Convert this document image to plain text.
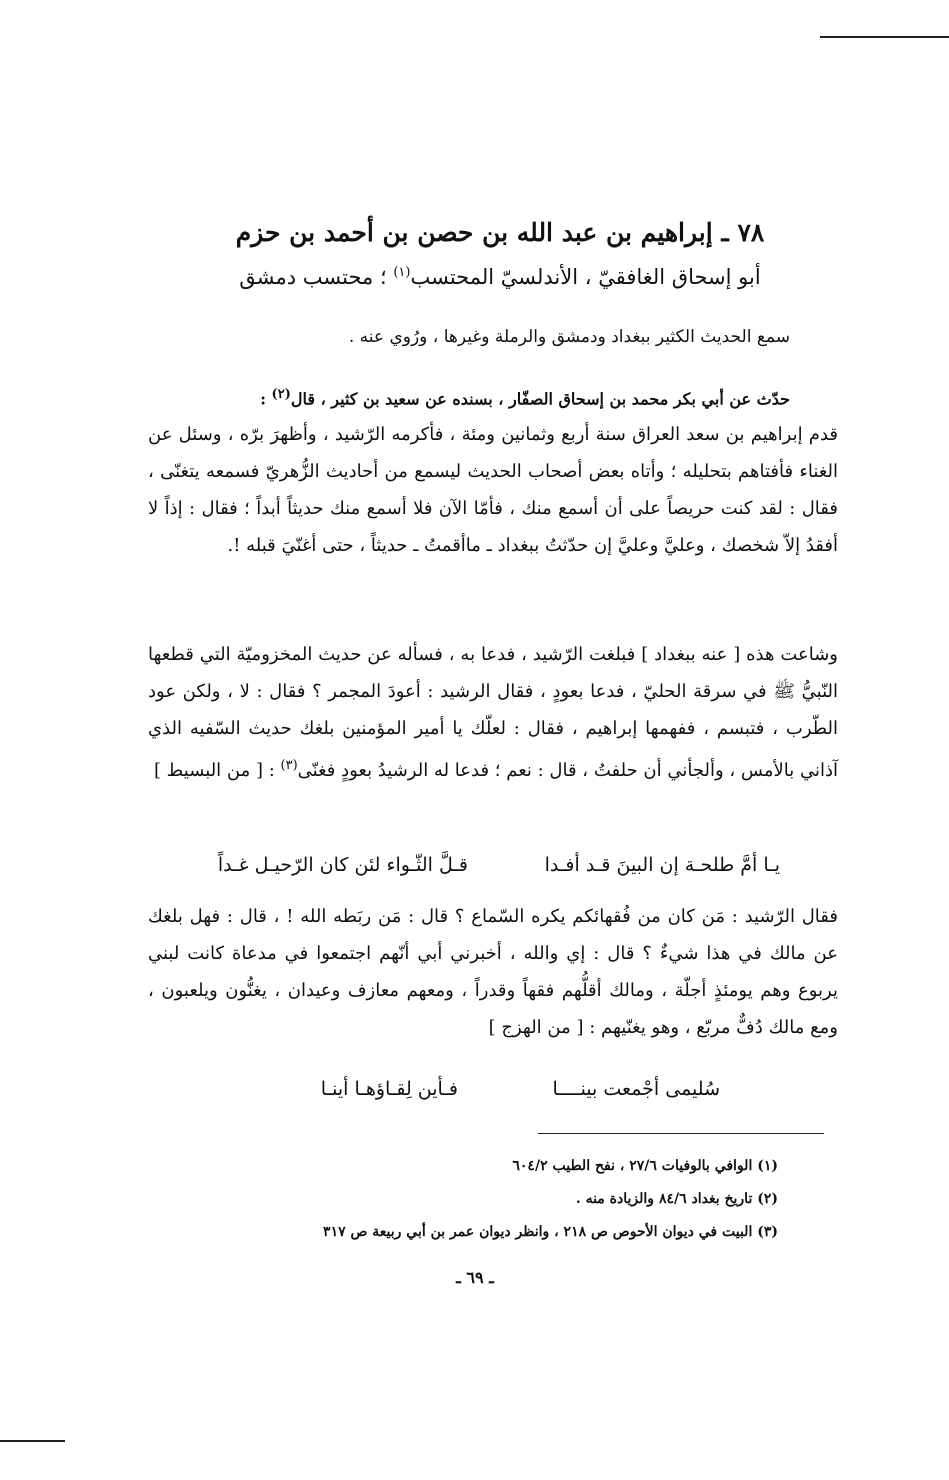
٧٨ ـ إبراهيم بن عبد الله بن حصن بن أحمد بن حزم
أبو إسحاق الغافقيّ ، الأندلسيّ المحتسب$^{(١)}$ ؛ محتسب دمشق
سمع الحديث الكثير ببغداد ودمشق والرملة وغيرها ، ورُوي عنه .
حدّث عن أبي بكر محمد بن إسحاق الصفّار ، بسنده عن سعيد بن كثير ، قال$^{(٢)}$ :
قدم إبراهيم بن سعد العراق سنة أربع وثمانين ومئة ، فأكرمه الرّشيد ، وأظهرَ برّه ، وسئل عن الغناء فأفتاهم بتحليله ؛ وأتاه بعض أصحاب الحديث ليسمع من أحاديث الزُّهريّ فسمعه يتغنّى ، فقال : لقد كنت حريصاً على أن أسمع منك ، فأمّا الآن فلا أسمع منك حديثاً أبداً ؛ فقال : إذاً لا أفقدُ إلاّ شخصك ، وعليَّ وعليَّ إن حدّثتُ ببغداد ـ ماأقمتُ ـ حديثاً ، حتى أغنّيَ قبله !.
وشاعت هذه [ عنه ببغداد ] فبلغت الرّشيد ، فدعا به ، فسأله عن حديث المخزوميّة التي قطعها النّبيُّ ﷺ في سرقة الحليّ ، فدعا بعودٍ ، فقال الرشيد : أعودَ المجمر ؟ فقال : لا ، ولكن عود الطّرب ، فتبسم ، ففهمها إبراهيم ، فقال : لعلّك يا أمير المؤمنين بلغك حديث السّفيه الذي آذاني بالأمس ، وألجأني أن حلفتُ ، قال : نعم ؛ فدعا له الرشيدُ بعودٍ فغنّى$^{(٣)}$ : [ من البسيط ]
يـا أمَّ طلحـة إن البينَ قـد أفـدا
قـلَّ الثّـواء لئن كان الرّحيـل غـداً
فقال الرّشيد : مَن كان من فُقهائكم يكره السّماع ؟ قال : مَن ربَطه الله ! ، قال : فهل بلغك عن مالك في هذا شيءٌ ؟ قال : إي والله ، أخبرني أبي أنّهم اجتمعوا في مدعاة كانت لبني يربوع وهم يومئذٍ أجلّة ، ومالك أقلُّهم فقهاً وقدراً ، ومعهم معازف وعيدان ، يغنُّون ويلعبون ، ومع مالك دُفٌّ مربّع ، وهو يغنّيهم : [ من الهزج ]
سُليمى أجْمعت بينــــا
فـأين لِقـاؤهـا أينـا
(١) الوافي بالوفيات ٢٧/٦ ، نفح الطيب ٦٠٤/٢
(٢) تاريخ بغداد ٨٤/٦ والزيادة منه .
(٣) البيت في ديوان الأحوص ص ٢١٨ ، وانظر ديوان عمر بن أبي ربيعة ص ٣١٧
ـ ٦٩ ـ
